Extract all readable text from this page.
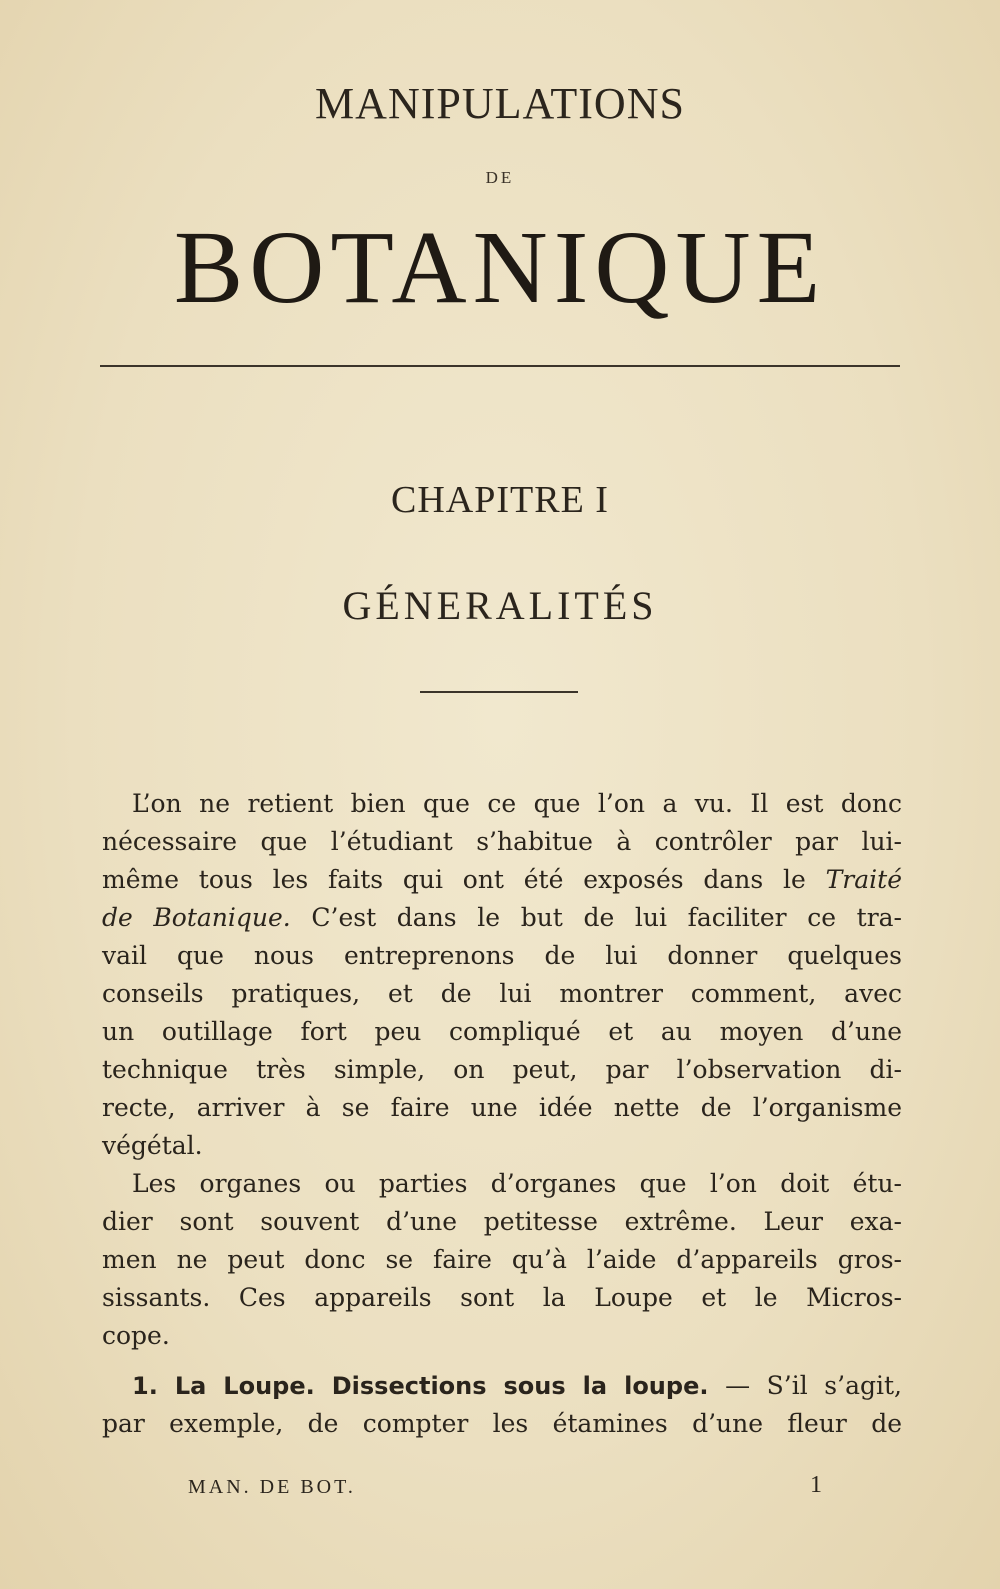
MANIPULATIONS
DE
BOTANIQUE
CHAPITRE I
GÉNERALITÉS
L’on ne retient bien que ce que l’on a vu. Il est donc
nécessaire que l’étudiant s’habitue à contrôler par lui-
même tous les faits qui ont été exposés dans le Traité
de Botanique. C’est dans le but de lui faciliter ce tra-
vail que nous entreprenons de lui donner quelques
conseils pratiques, et de lui montrer comment, avec
un outillage fort peu compliqué et au moyen d’une
technique très simple, on peut, par l’observation di-
recte, arriver à se faire une idée nette de l’organisme
végétal.
Les organes ou parties d’organes que l’on doit étu-
dier sont souvent d’une petitesse extrême. Leur exa-
men ne peut donc se faire qu’à l’aide d’appareils gros-
sissants. Ces appareils sont la Loupe et le Micros-
cope.
1. La Loupe. Dissections sous la loupe. — S’il s’agit,
par exemple, de compter les étamines d’une fleur de
MAN. DE BOT.	1
